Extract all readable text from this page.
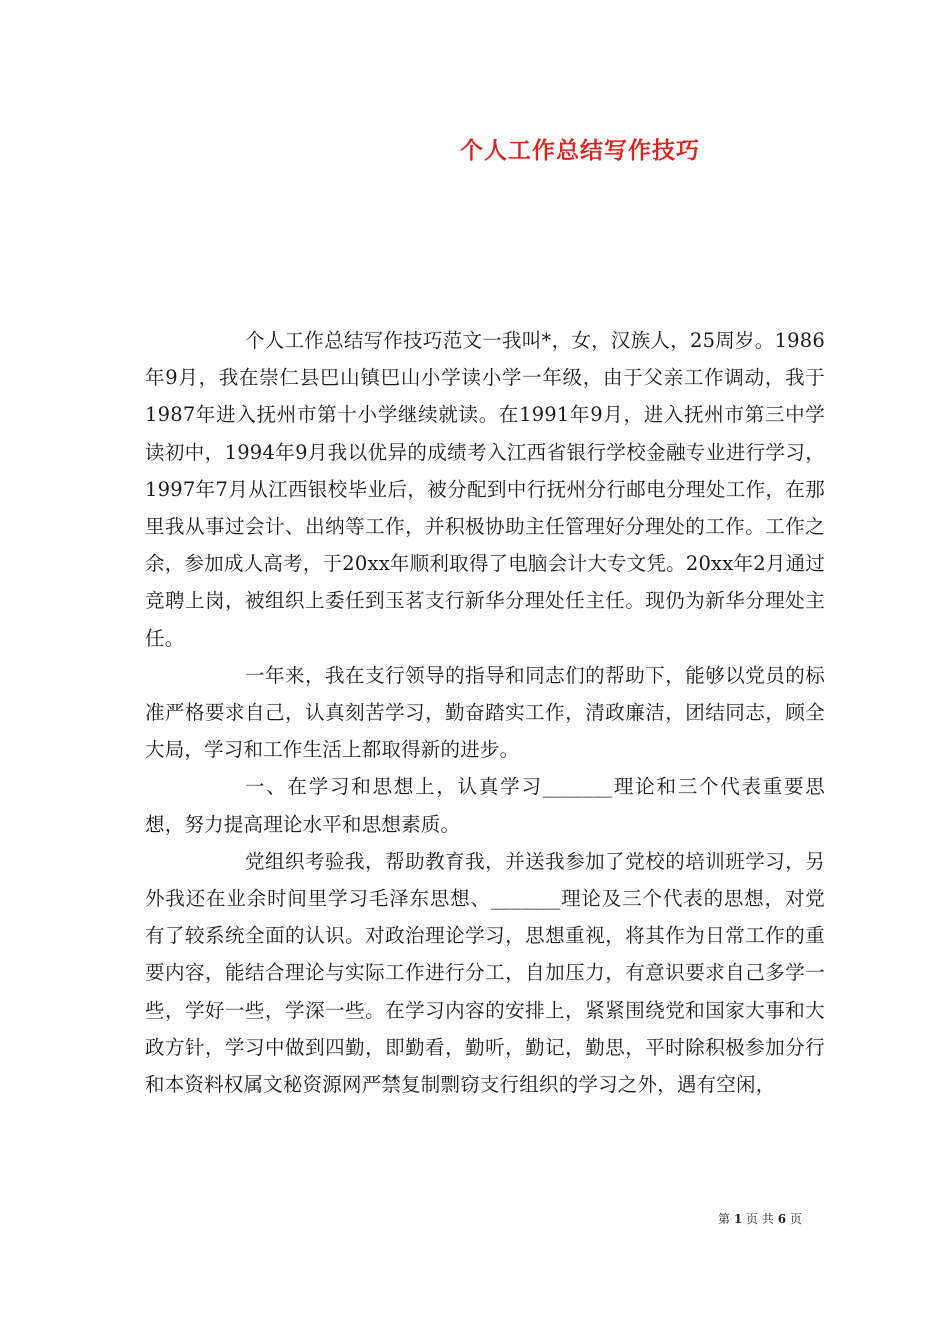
个人工作总结写作技巧

个人工作总结写作技巧范文一我叫*，女，汉族人，25周岁。1986年9月，我在崇仁县巴山镇巴山小学读小学一年级，由于父亲工作调动，我于1987年进入抚州市第十小学继续就读。在1991年9月，进入抚州市第三中学读初中，1994年9月我以优异的成绩考入江西省银行学校金融专业进行学习，1997年7月从江西银校毕业后，被分配到中行抚州分行邮电分理处工作，在那里我从事过会计、出纳等工作，并积极协助主任管理好分理处的工作。工作之余，参加成人高考，于20xx年顺利取得了电脑会计大专文凭。20xx年2月通过竞聘上岗，被组织上委任到玉茗支行新华分理处任主任。现仍为新华分理处主任。

一年来，我在支行领导的指导和同志们的帮助下，能够以党员的标准严格要求自己，认真刻苦学习，勤奋踏实工作，清政廉洁，团结同志，顾全大局，学习和工作生活上都取得新的进步。

一、在学习和思想上，认真学习_______理论和三个代表重要思想，努力提高理论水平和思想素质。

党组织考验我，帮助教育我，并送我参加了党校的培训班学习，另外我还在业余时间里学习毛泽东思想、_______理论及三个代表的思想，对党有了较系统全面的认识。对政治理论学习，思想重视，将其作为日常工作的重要内容，能结合理论与实际工作进行分工，自加压力，有意识要求自己多学一些，学好一些，学深一些。在学习内容的安排上，紧紧围绕党和国家大事和大政方针，学习中做到四勤，即勤看，勤听，勤记，勤思，平时除积极参加分行和本资料权属文秘资源网严禁复制剽窃支行组织的学习之外，遇有空闲，

第 1 页 共 6 页
